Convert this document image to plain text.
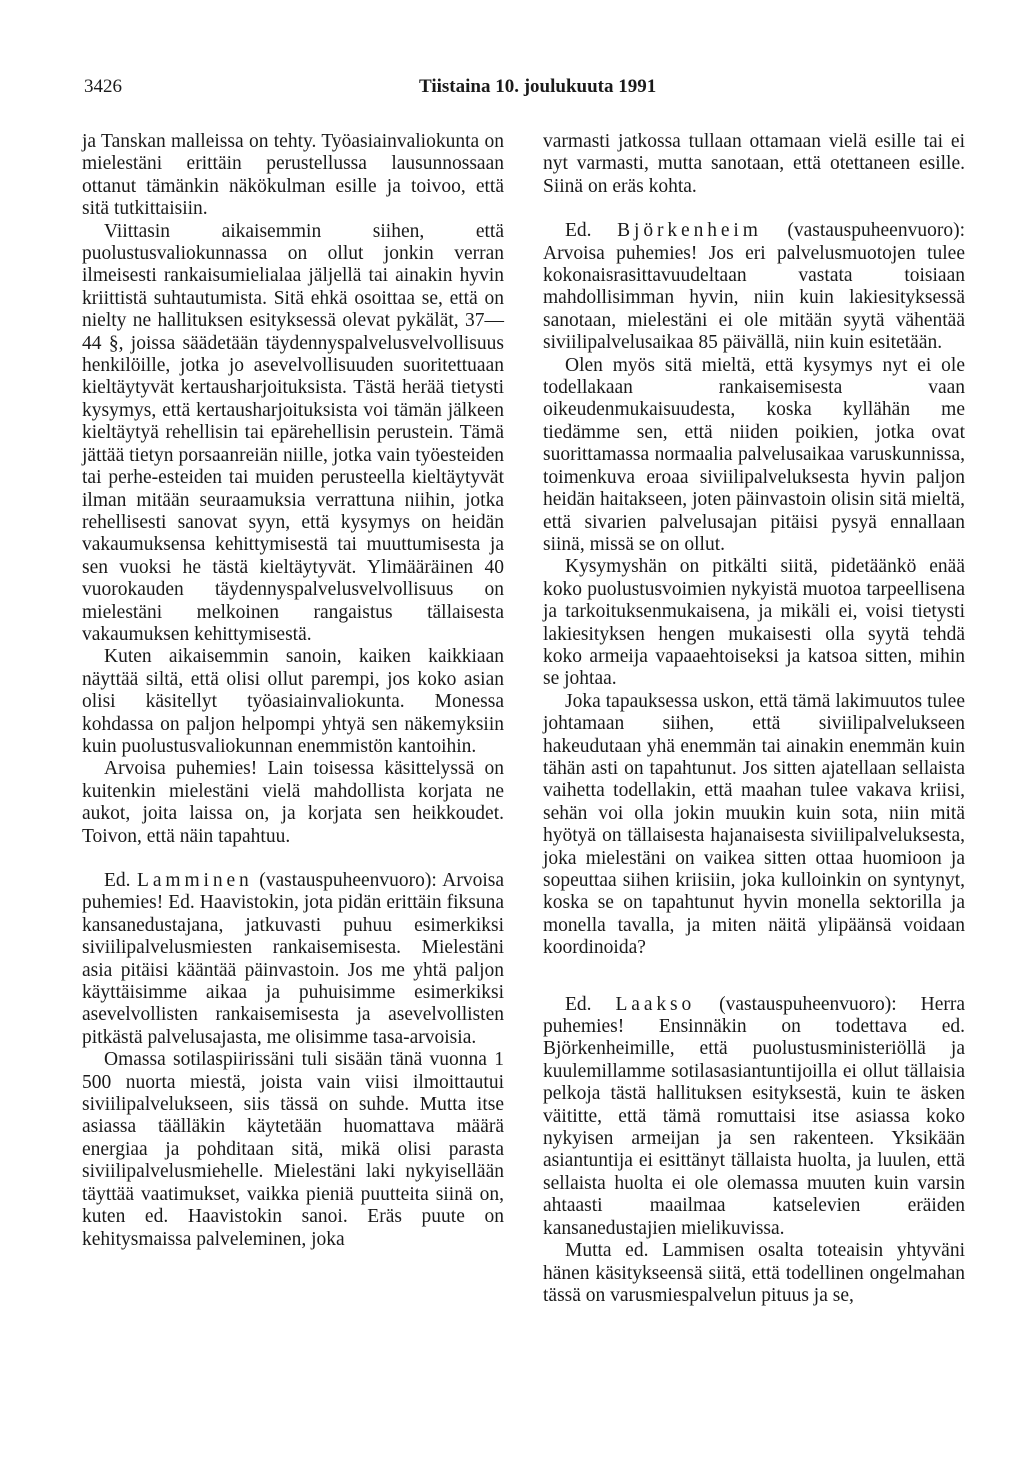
3426	Tiistaina 10. joulukuuta 1991

ja Tanskan malleissa on tehty. Työasiainvaliokunta on mielestäni erittäin perustellussa lausunnossaan ottanut tämänkin näkökulman esille ja toivoo, että sitä tutkittaisiin.

Viittasin aikaisemmin siihen, että puolustusvaliokunnassa on ollut jonkin verran ilmeisesti rankaisumielialaa jäljellä tai ainakin hyvin kriittistä suhtautumista. Sitä ehkä osoittaa se, että on nielty ne hallituksen esityksessä olevat pykälät, 37—44 §, joissa säädetään täydennyspalvelusvelvollisuus henkilöille, jotka jo asevelvollisuuden suoritettuaan kieltäytyvät kertausharjoituksista. Tästä herää tietysti kysymys, että kertausharjoituksista voi tämän jälkeen kieltäytyä rehellisin tai epärehellisin perustein. Tämä jättää tietyn porsaanreiän niille, jotka vain työesteiden tai perhe-esteiden tai muiden perusteella kieltäytyvät ilman mitään seuraamuksia verrattuna niihin, jotka rehellisesti sanovat syyn, että kysymys on heidän vakaumuksensa kehittymisestä tai muuttumisesta ja sen vuoksi he tästä kieltäytyvät. Ylimääräinen 40 vuorokauden täydennyspalvelusvelvollisuus on mielestäni melkoinen rangaistus tällaisesta vakaumuksen kehittymisestä.

Kuten aikaisemmin sanoin, kaiken kaikkiaan näyttää siltä, että olisi ollut parempi, jos koko asian olisi käsitellyt työasiainvaliokunta. Monessa kohdassa on paljon helpompi yhtyä sen näkemyksiin kuin puolustusvaliokunnan enemmistön kantoihin.

Arvoisa puhemies! Lain toisessa käsittelyssä on kuitenkin mielestäni vielä mahdollista korjata ne aukot, joita laissa on, ja korjata sen heikkoudet. Toivon, että näin tapahtuu.

Ed. Lamminen (vastauspuheenvuoro): Arvoisa puhemies! Ed. Haavistokin, jota pidän erittäin fiksuna kansanedustajana, jatkuvasti puhuu esimerkiksi siviilipalvelusmiesten rankaisemisesta. Mielestäni asia pitäisi kääntää päinvastoin. Jos me yhtä paljon käyttäisimme aikaa ja puhuisimme esimerkiksi asevelvollisten rankaisemisesta ja asevelvollisten pitkästä palvelusajasta, me olisimme tasa-arvoisia.

Omassa sotilaspiirissäni tuli sisään tänä vuonna 1 500 nuorta miestä, joista vain viisi ilmoittautui siviilipalvelukseen, siis tässä on suhde. Mutta itse asiassa täälläkin käytetään huomattava määrä energiaa ja pohditaan sitä, mikä olisi parasta siviilipalvelusmiehelle. Mielestäni laki nykyisellään täyttää vaatimukset, vaikka pieniä puutteita siinä on, kuten ed. Haavistokin sanoi. Eräs puute on kehitysmaissa palveleminen, joka

varmasti jatkossa tullaan ottamaan vielä esille tai ei nyt varmasti, mutta sanotaan, että otettaneen esille. Siinä on eräs kohta.

Ed. Björkenheim (vastauspuheenvuoro): Arvoisa puhemies! Jos eri palvelusmuotojen tulee kokonaisrasittavuudeltaan vastata toisiaan mahdollisimman hyvin, niin kuin lakiesityksessä sanotaan, mielestäni ei ole mitään syytä vähentää siviilipalvelusaikaa 85 päivällä, niin kuin esitetään.

Olen myös sitä mieltä, että kysymys nyt ei ole todellakaan rankaisemisesta vaan oikeudenmukaisuudesta, koska kyllähän me tiedämme sen, että niiden poikien, jotka ovat suorittamassa normaalia palvelusaikaa varuskunnissa, toimenkuva eroaa siviilipalveluksesta hyvin paljon heidän haitakseen, joten päinvastoin olisin sitä mieltä, että sivarien palvelusajan pitäisi pysyä ennallaan siinä, missä se on ollut.

Kysymyshän on pitkälti siitä, pidetäänkö enää koko puolustusvoimien nykyistä muotoa tarpeellisena ja tarkoituksenmukaisena, ja mikäli ei, voisi tietysti lakiesityksen hengen mukaisesti olla syytä tehdä koko armeija vapaaehtoiseksi ja katsoa sitten, mihin se johtaa.

Joka tapauksessa uskon, että tämä lakimuutos tulee johtamaan siihen, että siviilipalvelukseen hakeudutaan yhä enemmän tai ainakin enemmän kuin tähän asti on tapahtunut. Jos sitten ajatellaan sellaista vaihetta todellakin, että maahan tulee vakava kriisi, sehän voi olla jokin muukin kuin sota, niin mitä hyötyä on tällaisesta hajanaisesta siviilipalveluksesta, joka mielestäni on vaikea sitten ottaa huomioon ja sopeuttaa siihen kriisiin, joka kulloinkin on syntynyt, koska se on tapahtunut hyvin monella sektorilla ja monella tavalla, ja miten näitä ylipäänsä voidaan koordinoida?

Ed. Laakso (vastauspuheenvuoro): Herra puhemies! Ensinnäkin on todettava ed. Björkenheimille, että puolustusministeriöllä ja kuulemillamme sotilasasiantuntijoilla ei ollut tällaisia pelkoja tästä hallituksen esityksestä, kuin te äsken väititte, että tämä romuttaisi itse asiassa koko nykyisen armeijan ja sen rakenteen. Yksikään asiantuntija ei esittänyt tällaista huolta, ja luulen, että sellaista huolta ei ole olemassa muuten kuin varsin ahtaasti maailmaa katselevien eräiden kansanedustajien mielikuvissa.

Mutta ed. Lammisen osalta toteaisin yhtyväni hänen käsitykseensä siitä, että todellinen ongelmahan tässä on varusmiespalvelun pituus ja se,
